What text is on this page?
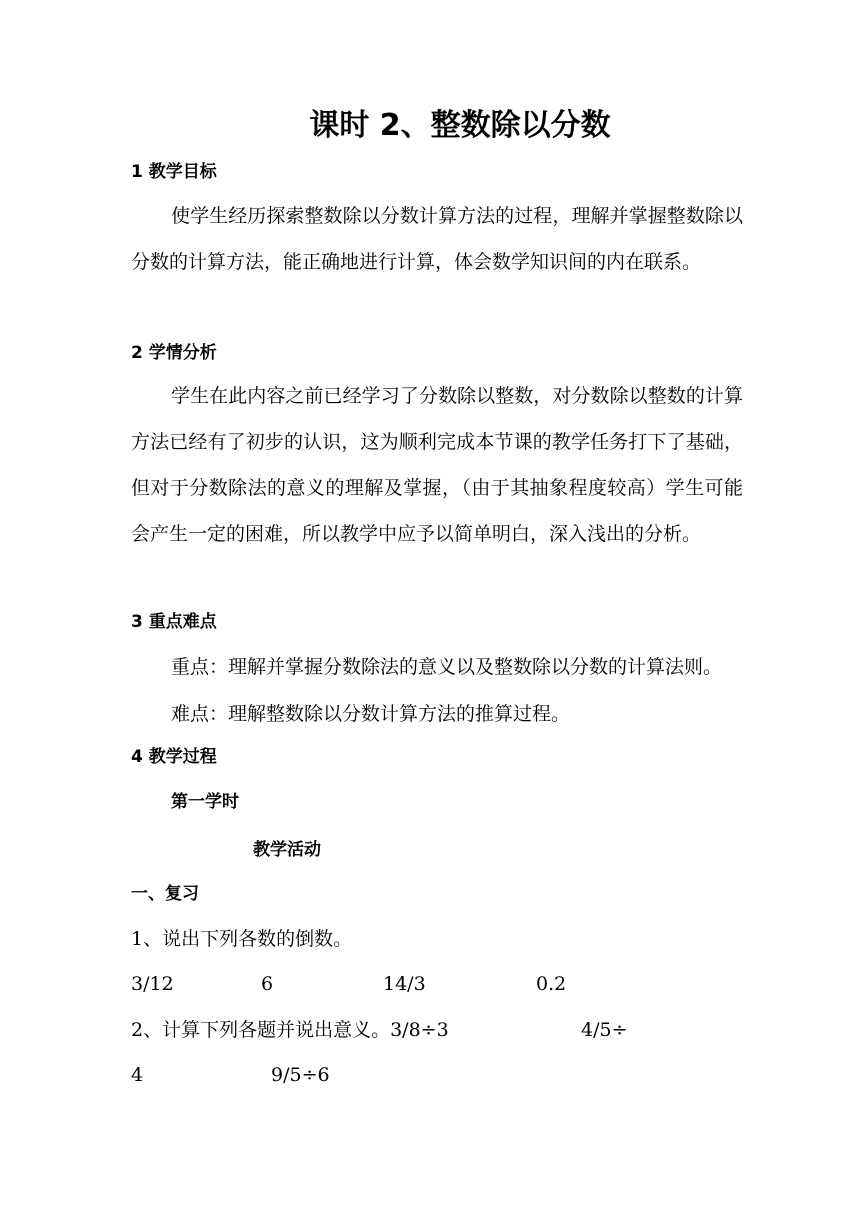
课时 2、整数除以分数
1 教学目标

使学生经历探索整数除以分数计算方法的过程，理解并掌握整数除以分数的计算方法，能正确地进行计算，体会数学知识间的内在联系。

2 学情分析

学生在此内容之前已经学习了分数除以整数，对分数除以整数的计算方法已经有了初步的认识，这为顺利完成本节课的教学任务打下了基础，但对于分数除法的意义的理解及掌握，（由于其抽象程度较高）学生可能会产生一定的困难，所以教学中应予以简单明白，深入浅出的分析。

3 重点难点

重点：理解并掌握分数除法的意义以及整数除以分数的计算法则。

难点：理解整数除以分数计算方法的推算过程。

4 教学过程

第一学时

教学活动

一、复习

1、说出下列各数的倒数。

3/12	6	14/3	0.2

2、计算下列各题并说出意义。3/8÷3	4/5÷
4	9/5÷6
